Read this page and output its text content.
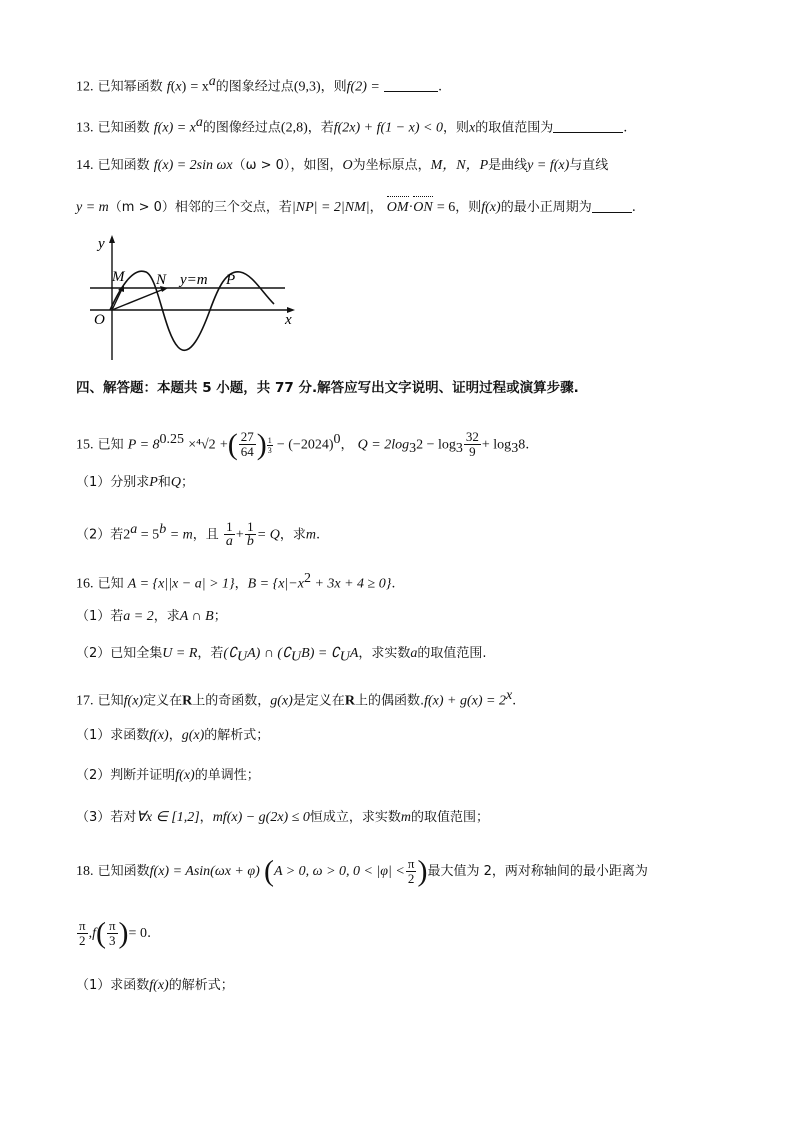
12. 已知幂函数 $f(x) = x^a$的图象经过点(9,3)，则f(2) =	.
13. 已知函数 $f(x) = x^a$的图像经过点(2,8)，若f(2x) + f(1 − x) < 0，则x的取值范围为	.
14. 已知函数 f(x) = 2sin ωx（ω > 0），如图，O为坐标原点，M，N，P是曲线y = f(x)与直线
y = m（m > 0）相邻的三个交点，若|NP| = 2|NM|， OM·ON = 6，则f(x)的最小正周期为	.
y
x
O
M N y=m P
四、解答题：本题共 5 小题，共 77 分.解答应写出文字说明、证明过程或演算步骤.
15. 已知 $P = 8^{0.25} \times^4√2$ +( $\frac{27}{64}$ ) $\frac{1}{3} - (-2024)^0$， $Q = 2\log_32 - \log_3 \frac{32}{9} + \log_38$.
（1）分别求P和Q；
（2）若$2^a = 5^b = m$，且 $\frac{1}{a} + \frac{1}{b} = Q$，求m.
16. 已知 A = {x||x − a| > 1}，$B = \{x|-x^2 + 3x + 4 \ge 0\}$.
（1）若a = 2，求A ∩ B；
（2）已知全集U = R，若$(∁_UA)$ ∩ $(∁_UB)$ = $∁_UA$，求实数a的取值范围.
17. 已知f(x)定义在R上的奇函数，g(x)是定义在R上的偶函数$.f(x) + g(x) = 2^x$.
（1）求函数f(x)，g(x)的解析式；
（2）判断并证明f(x)的单调性；
（3）若对∀x ∈ [1,2]，mf(x) − g(2x) ≤ 0恒成立，求实数m的取值范围；
18. 已知函数f(x) = Asin(ωx + φ) (A > 0, ω > 0, $0 < |\varphi| < \frac{\pi}{2}$ )最大值为 2，两对称轴间的最小距离为
$\frac{\pi}{2} ,f( \frac{\pi}{3}$ )= 0.
（1）求函数f(x)的解析式；
